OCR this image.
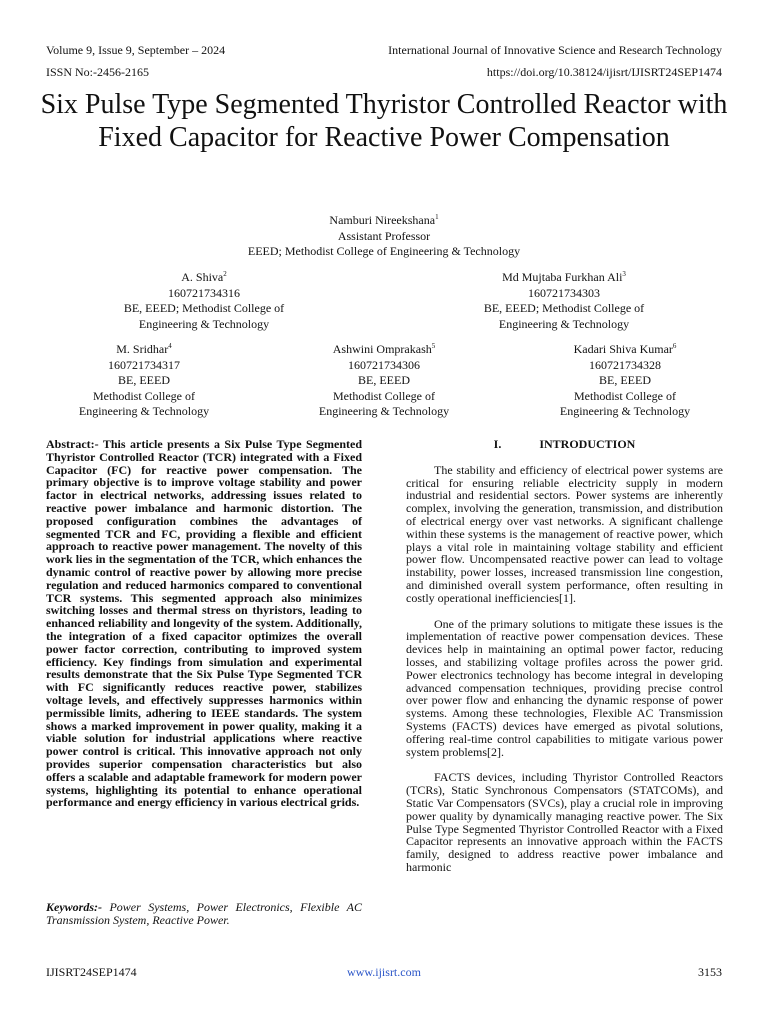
Volume 9, Issue 9, September – 2024	International Journal of Innovative Science and Research Technology
ISSN No:-2456-2165	https://doi.org/10.38124/ijisrt/IJISRT24SEP1474
Six Pulse Type Segmented Thyristor Controlled Reactor with Fixed Capacitor for Reactive Power Compensation
Namburi Nireekshana$^1$
Assistant Professor
EEED; Methodist College of Engineering & Technology
A. Shiva$^2$
160721734316
BE, EEED; Methodist College of
Engineering & Technology
Md Mujtaba Furkhan Ali$^3$
160721734303
BE, EEED; Methodist College of
Engineering & Technology
M. Sridhar$^4$
160721734317
BE, EEED
Methodist College of
Engineering & Technology
Ashwini Omprakash$^5$
160721734306
BE, EEED
Methodist College of
Engineering & Technology
Kadari Shiva Kumar$^6$
160721734328
BE, EEED
Methodist College of
Engineering & Technology
Abstract:- This article presents a Six Pulse Type Segmented Thyristor Controlled Reactor (TCR) integrated with a Fixed Capacitor (FC) for reactive power compensation. The primary objective is to improve voltage stability and power factor in electrical networks, addressing issues related to reactive power imbalance and harmonic distortion. The proposed configuration combines the advantages of segmented TCR and FC, providing a flexible and efficient approach to reactive power management. The novelty of this work lies in the segmentation of the TCR, which enhances the dynamic control of reactive power by allowing more precise regulation and reduced harmonics compared to conventional TCR systems. This segmented approach also minimizes switching losses and thermal stress on thyristors, leading to enhanced reliability and longevity of the system. Additionally, the integration of a fixed capacitor optimizes the overall power factor correction, contributing to improved system efficiency. Key findings from simulation and experimental results demonstrate that the Six Pulse Type Segmented TCR with FC significantly reduces reactive power, stabilizes voltage levels, and effectively suppresses harmonics within permissible limits, adhering to IEEE standards. The system shows a marked improvement in power quality, making it a viable solution for industrial applications where reactive power control is critical. This innovative approach not only provides superior compensation characteristics but also offers a scalable and adaptable framework for modern power systems, highlighting its potential to enhance operational performance and energy efficiency in various electrical grids.
Keywords:- Power Systems, Power Electronics, Flexible AC Transmission System, Reactive Power.
I.	INTRODUCTION

The stability and efficiency of electrical power systems are critical for ensuring reliable electricity supply in modern industrial and residential sectors. Power systems are inherently complex, involving the generation, transmission, and distribution of electrical energy over vast networks. A significant challenge within these systems is the management of reactive power, which plays a vital role in maintaining voltage stability and efficient power flow. Uncompensated reactive power can lead to voltage instability, power losses, increased transmission line congestion, and diminished overall system performance, often resulting in costly operational inefficiencies[1].

One of the primary solutions to mitigate these issues is the implementation of reactive power compensation devices. These devices help in maintaining an optimal power factor, reducing losses, and stabilizing voltage profiles across the power grid. Power electronics technology has become integral in developing advanced compensation techniques, providing precise control over power flow and enhancing the dynamic response of power systems. Among these technologies, Flexible AC Transmission Systems (FACTS) devices have emerged as pivotal solutions, offering real-time control capabilities to mitigate various power system problems[2].

FACTS devices, including Thyristor Controlled Reactors (TCRs), Static Synchronous Compensators (STATCOMs), and Static Var Compensators (SVCs), play a crucial role in improving power quality by dynamically managing reactive power. The Six Pulse Type Segmented Thyristor Controlled Reactor with a Fixed Capacitor represents an innovative approach within the FACTS family, designed to address reactive power imbalance and harmonic

IJISRT24SEP1474	www.ijisrt.com	3153
